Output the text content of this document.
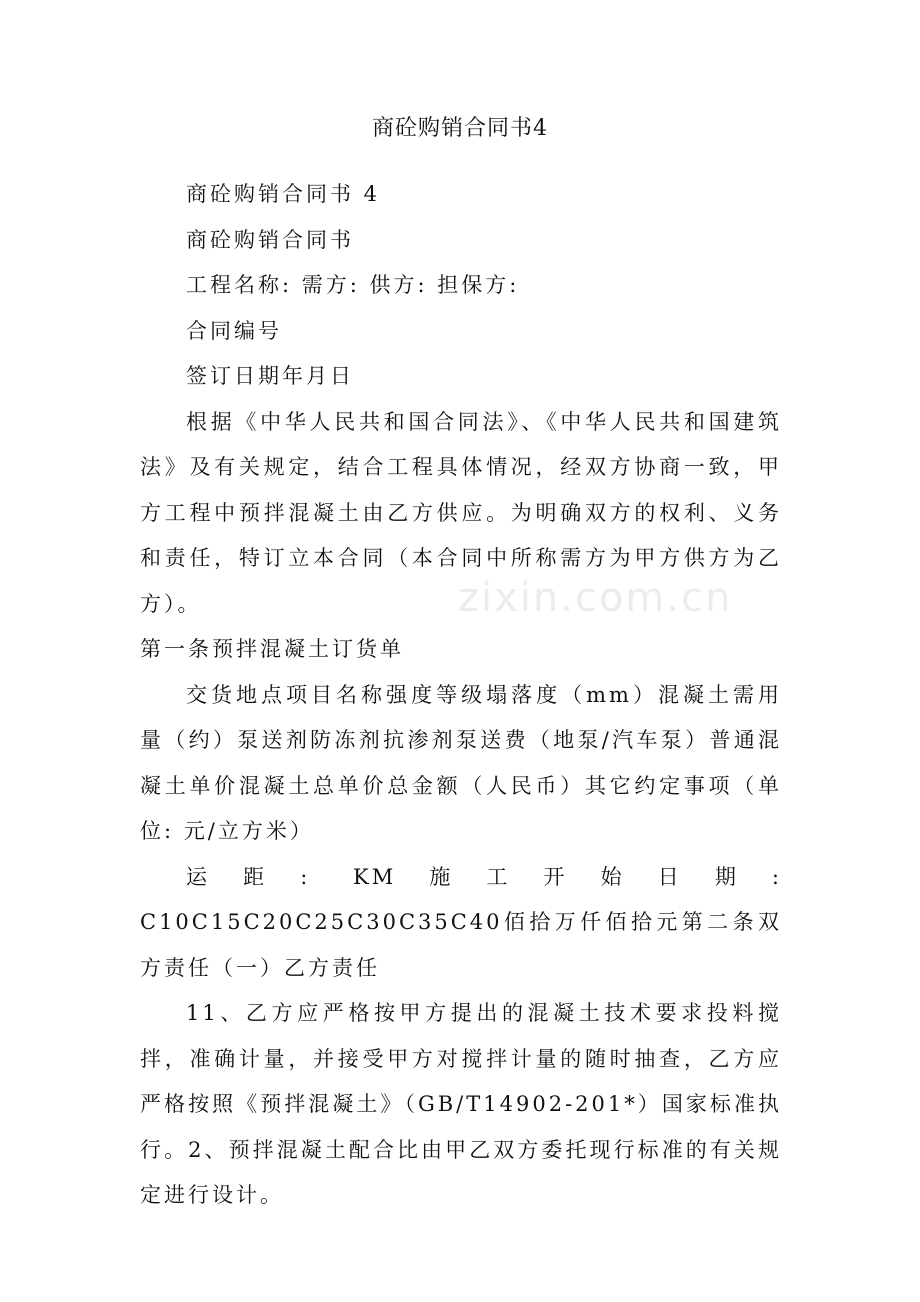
商砼购销合同书4

商砼购销合同书 4

商砼购销合同书

工程名称: 需方: 供方: 担保方:

合同编号

签订日期年月日

根据《中华人民共和国合同法》、《中华人民共和国建筑法》及有关规定，结合工程具体情况，经双方协商一致，甲方工程中预拌混凝土由乙方供应。为明确双方的权利、义务和责任，特订立本合同（本合同中所称需方为甲方供方为乙方）。

第一条预拌混凝土订货单

交货地点项目名称强度等级塌落度（mm）混凝土需用量（约）泵送剂防冻剂抗渗剂泵送费（地泵/汽车泵）普通混凝土单价混凝土总单价总金额（人民币）其它约定事项（单位: 元/立方米）

运距: KM施工开始日期: C10C15C20C25C30C35C40佰拾万仟佰拾元第二条双方责任（一）乙方责任

11、乙方应严格按甲方提出的混凝土技术要求投料搅拌，准确计量，并接受甲方对搅拌计量的随时抽查，乙方应严格按照《预拌混凝土》（GB/T14902-201*）国家标准执行。2、预拌混凝土配合比由甲乙双方委托现行标准的有关规定进行设计。

zixin.com.cn
